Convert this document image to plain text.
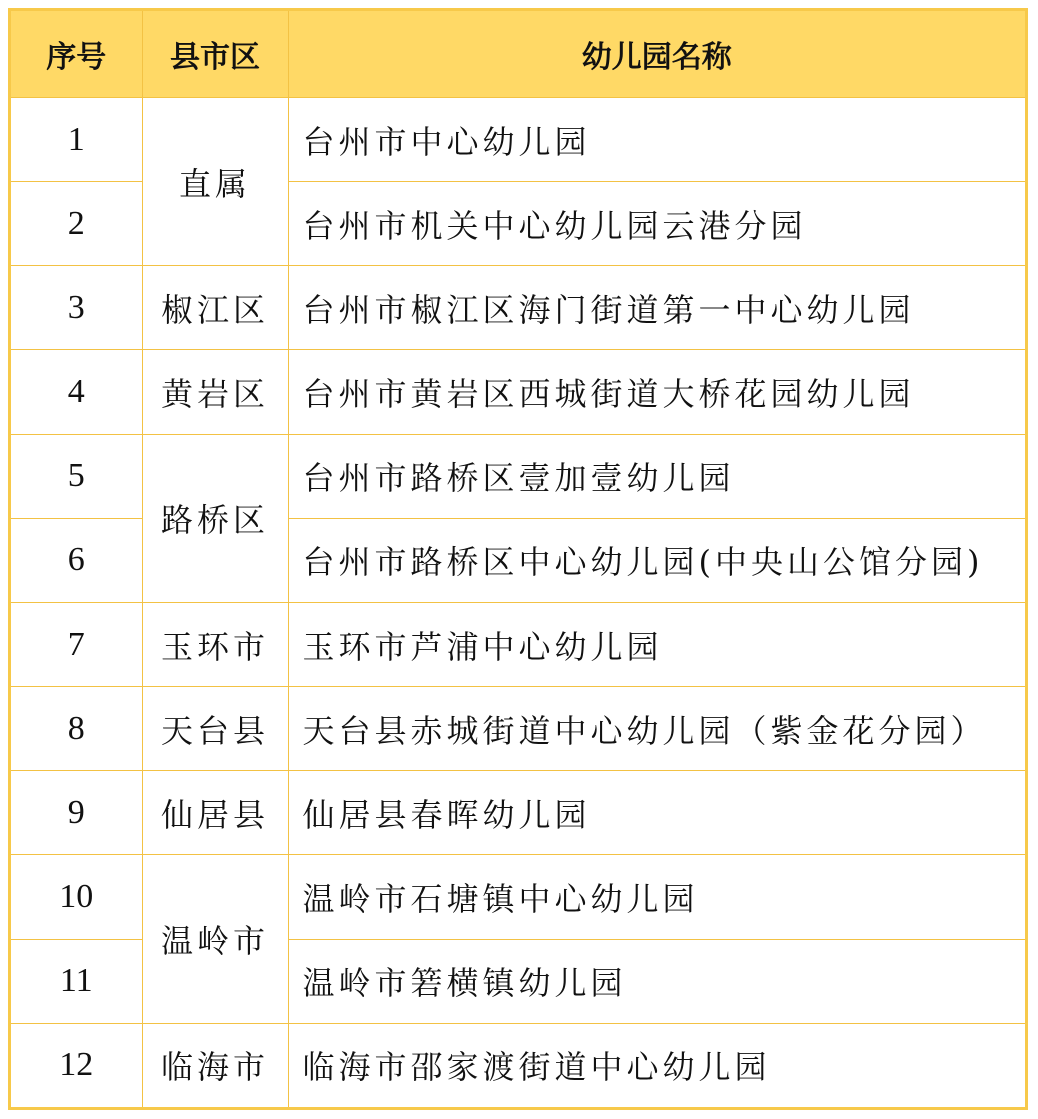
序号	县市区	幼儿园名称
1	直属	台州市中心幼儿园
2		台州市机关中心幼儿园云港分园
3	椒江区	台州市椒江区海门街道第一中心幼儿园
4	黄岩区	台州市黄岩区西城街道大桥花园幼儿园
5	路桥区	台州市路桥区壹加壹幼儿园
6		台州市路桥区中心幼儿园(中央山公馆分园)
7	玉环市	玉环市芦浦中心幼儿园
8	天台县	天台县赤城街道中心幼儿园（紫金花分园）
9	仙居县	仙居县春晖幼儿园
10	温岭市	温岭市石塘镇中心幼儿园
11		温岭市箬横镇幼儿园
12	临海市	临海市邵家渡街道中心幼儿园
